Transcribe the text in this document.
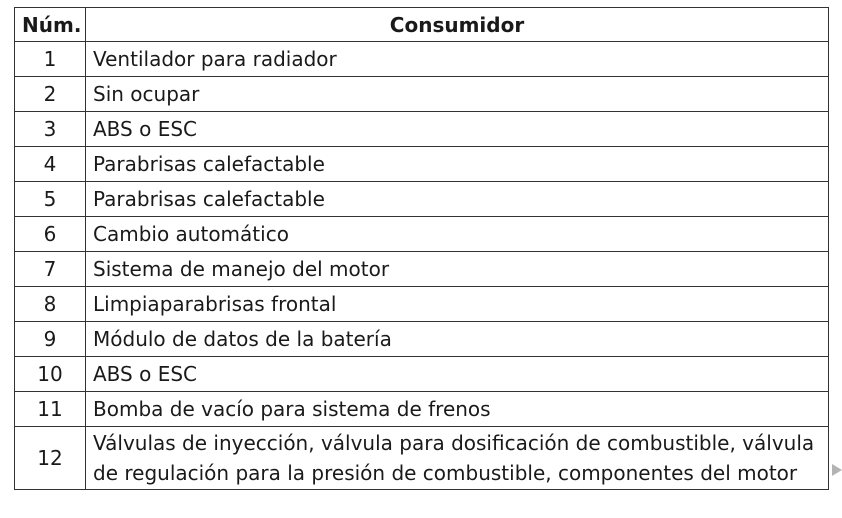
Núm.	Consumidor
1	Ventilador para radiador
2	Sin ocupar
3	ABS o ESC
4	Parabrisas calefactable
5	Parabrisas calefactable
6	Cambio automático
7	Sistema de manejo del motor
8	Limpiaparabrisas frontal
9	Módulo de datos de la batería
10	ABS o ESC
11	Bomba de vacío para sistema de frenos
12	Válvulas de inyección, válvula para dosificación de combustible, válvula de regulación para la presión de combustible, componentes del motor
